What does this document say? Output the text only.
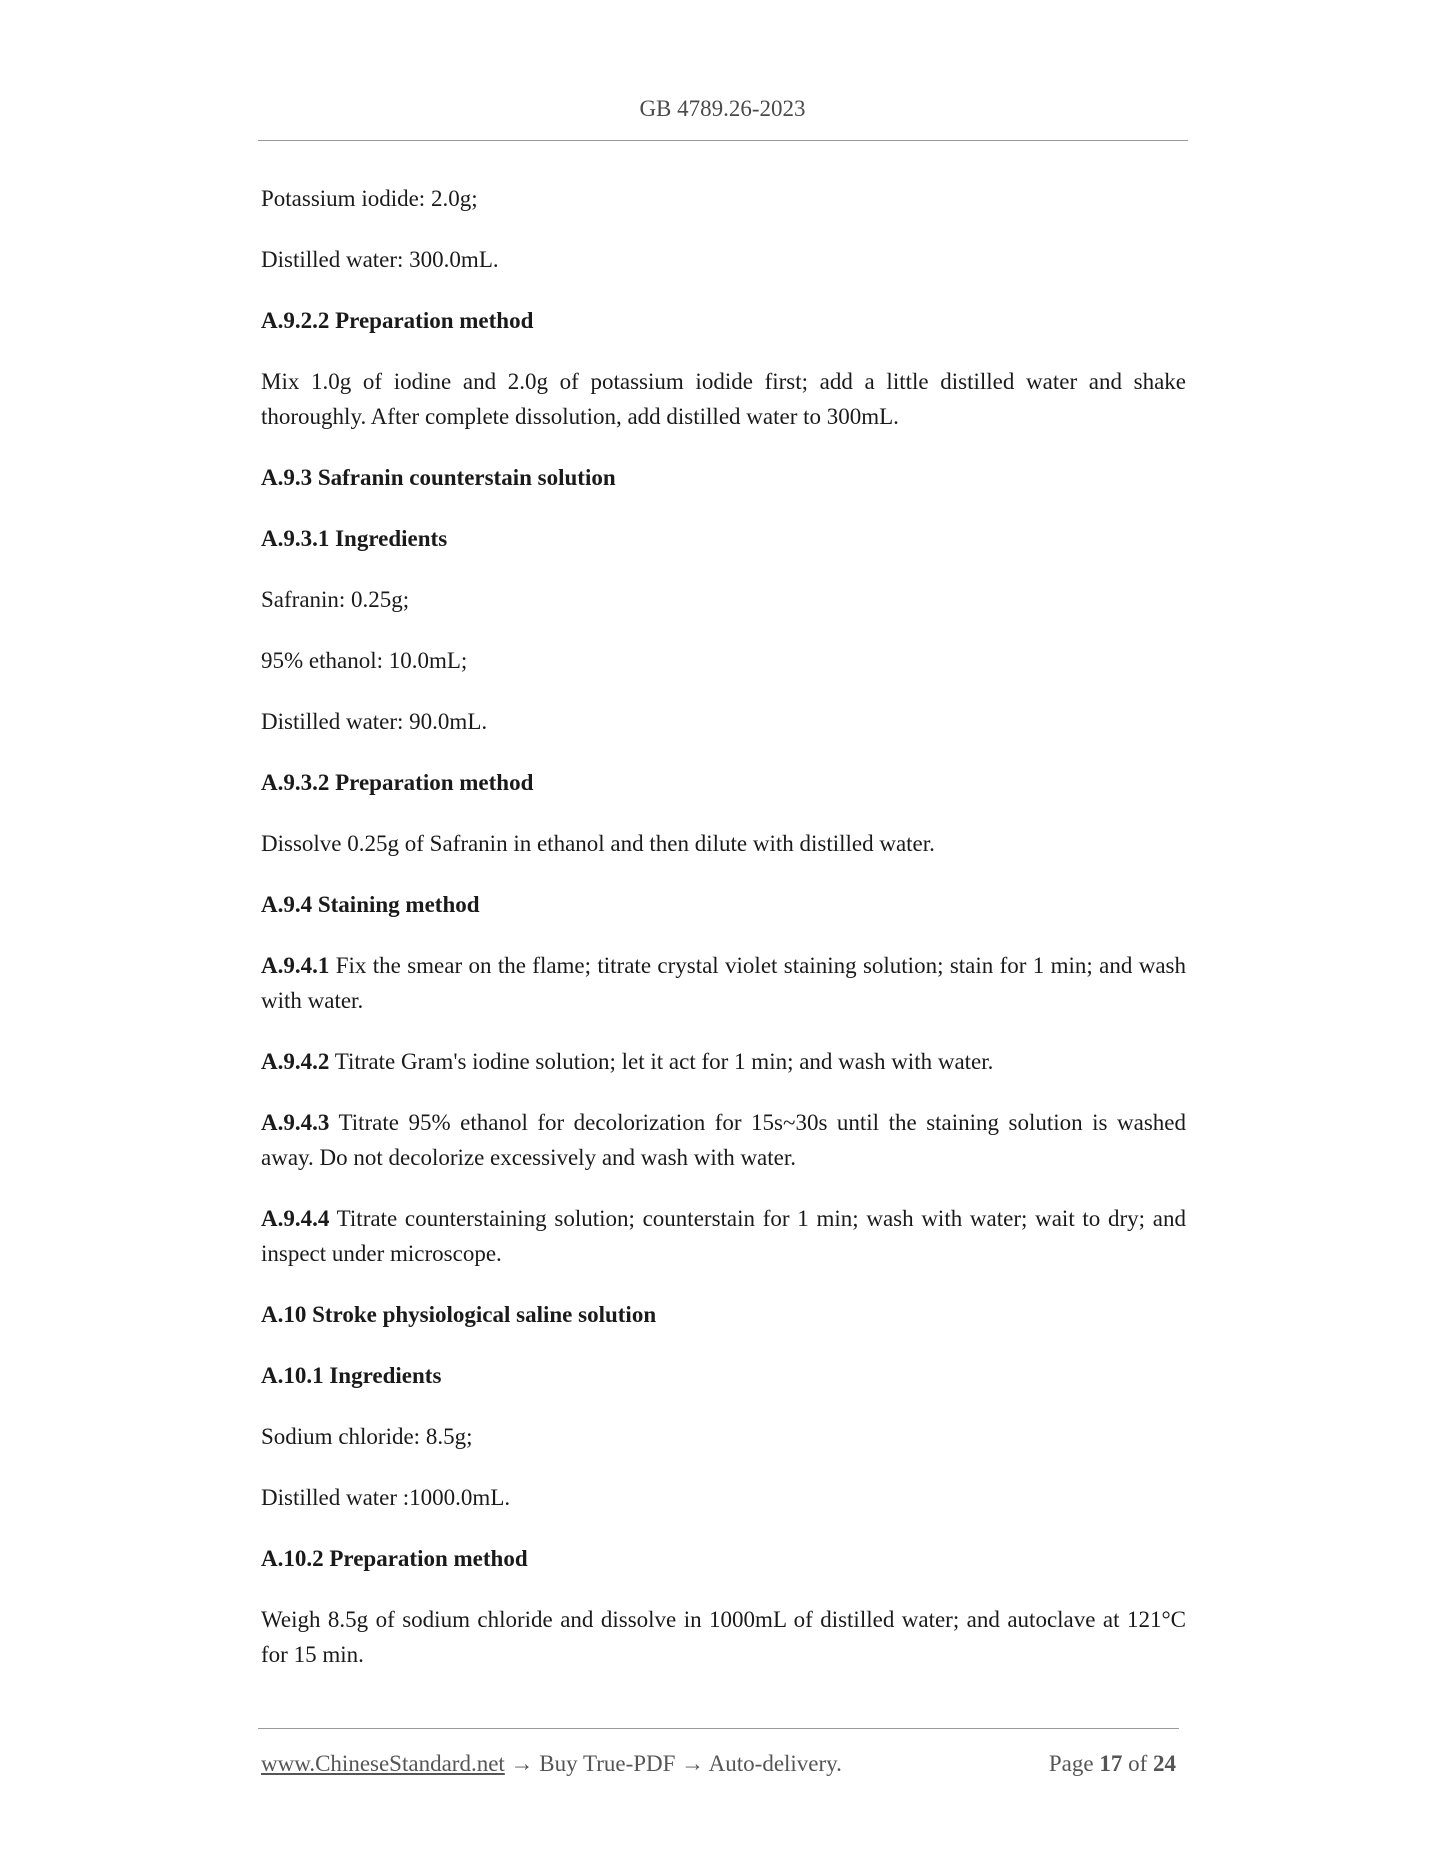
GB 4789.26-2023

Potassium iodide: 2.0g;

Distilled water: 300.0mL.

A.9.2.2 Preparation method

Mix 1.0g of iodine and 2.0g of potassium iodide first; add a little distilled water and shake thoroughly. After complete dissolution, add distilled water to 300mL.

A.9.3 Safranin counterstain solution

A.9.3.1 Ingredients

Safranin: 0.25g;

95% ethanol: 10.0mL;

Distilled water: 90.0mL.

A.9.3.2 Preparation method

Dissolve 0.25g of Safranin in ethanol and then dilute with distilled water.

A.9.4 Staining method

A.9.4.1 Fix the smear on the flame; titrate crystal violet staining solution; stain for 1 min; and wash with water.

A.9.4.2 Titrate Gram's iodine solution; let it act for 1 min; and wash with water.

A.9.4.3 Titrate 95% ethanol for decolorization for 15s~30s until the staining solution is washed away. Do not decolorize excessively and wash with water.

A.9.4.4 Titrate counterstaining solution; counterstain for 1 min; wash with water; wait to dry; and inspect under microscope.

A.10 Stroke physiological saline solution

A.10.1 Ingredients

Sodium chloride: 8.5g;

Distilled water :1000.0mL.

A.10.2 Preparation method

Weigh 8.5g of sodium chloride and dissolve in 1000mL of distilled water; and autoclave at 121°C for 15 min.

www.ChineseStandard.net → Buy True-PDF → Auto-delivery.	Page 17 of 24
